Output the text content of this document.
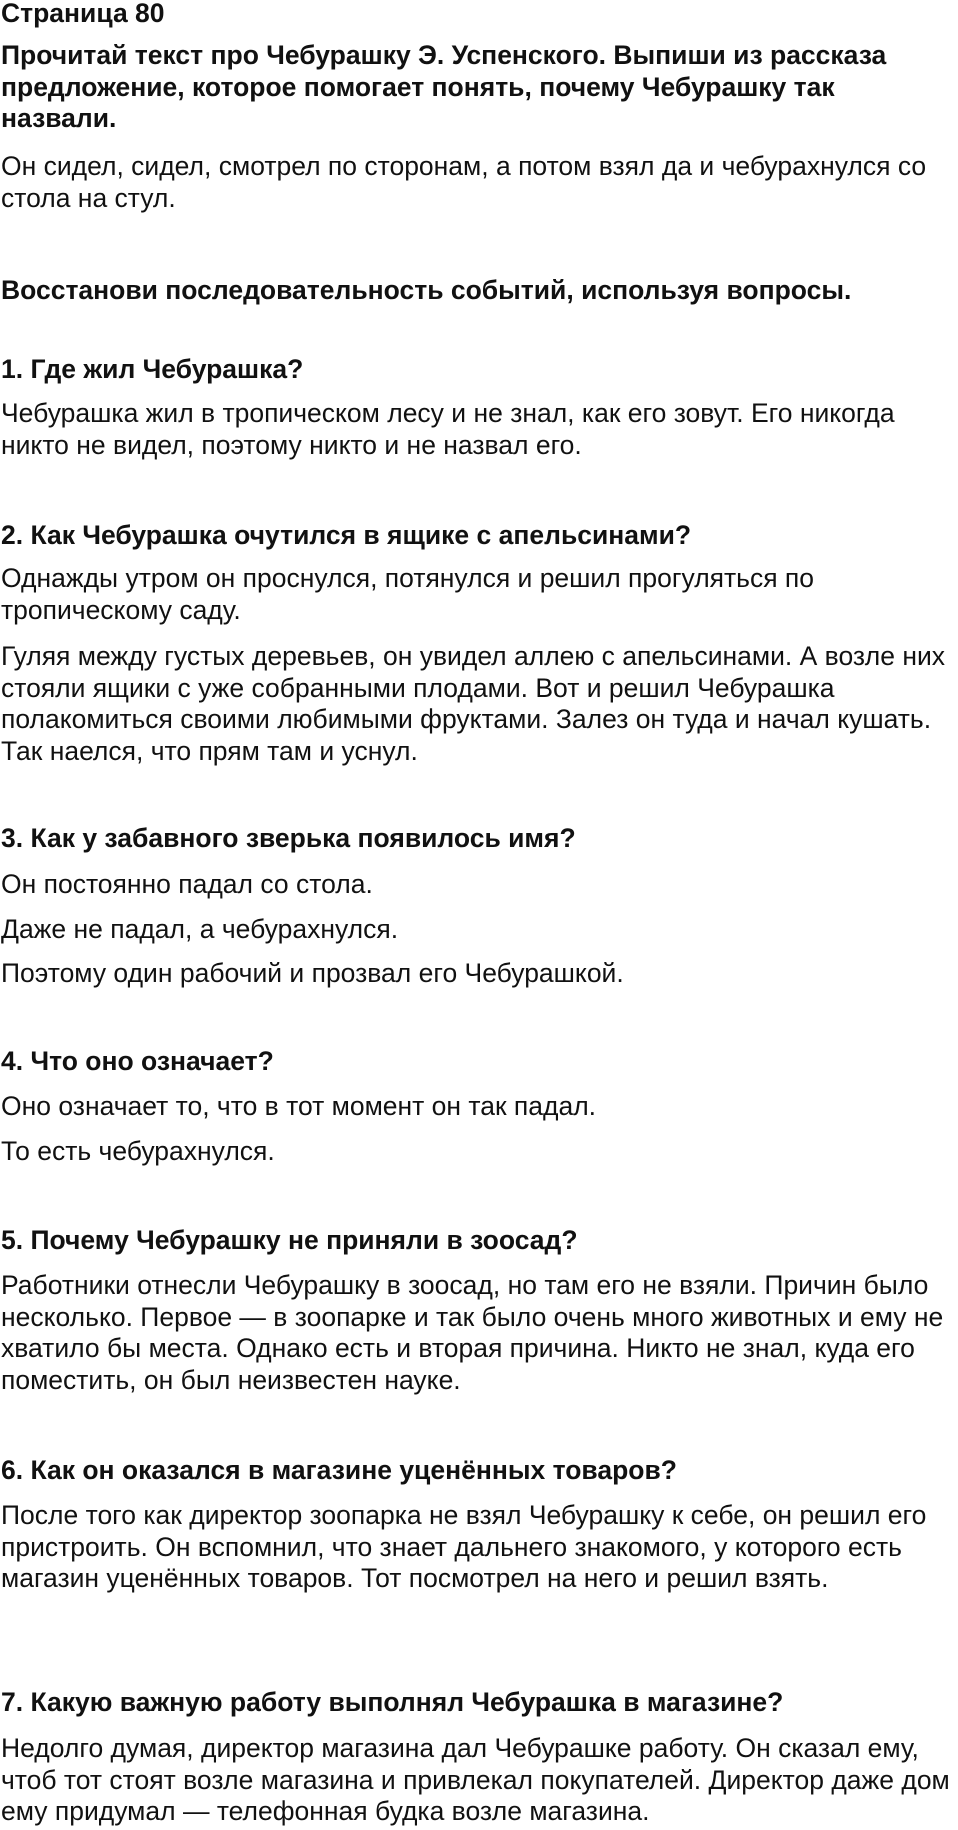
Страница 80

Прочитай текст про Чебурашку Э. Успенского. Выпиши из рассказа предложение, которое помогает понять, почему Чебурашку так назвали.

Он сидел, сидел, смотрел по сторонам, а потом взял да и чебурахнулся со стола на стул.

Восстанови последовательность событий, используя вопросы.

1. Где жил Чебурашка?

Чебурашка жил в тропическом лесу и не знал, как его зовут. Его никогда никто не видел, поэтому никто и не назвал его.

2. Как Чебурашка очутился в ящике с апельсинами?

Однажды утром он проснулся, потянулся и решил прогуляться по тропическому саду.

Гуляя между густых деревьев, он увидел аллею с апельсинами. А возле них стояли ящики с уже собранными плодами. Вот и решил Чебурашка полакомиться своими любимыми фруктами. Залез он туда и начал кушать. Так наелся, что прям там и уснул.

3. Как у забавного зверька появилось имя?

Он постоянно падал со стола.

Даже не падал, а чебурахнулся.

Поэтому один рабочий и прозвал его Чебурашкой.

4. Что оно означает?

Оно означает то, что в тот момент он так падал.

То есть чебурахнулся.

5. Почему Чебурашку не приняли в зоосад?

Работники отнесли Чебурашку в зоосад, но там его не взяли. Причин было несколько. Первое — в зоопарке и так было очень много животных и ему не хватило бы места. Однако есть и вторая причина. Никто не знал, куда его поместить, он был неизвестен науке.

6. Как он оказался в магазине уценённых товаров?

После того как директор зоопарка не взял Чебурашку к себе, он решил его пристроить. Он вспомнил, что знает дальнего знакомого, у которого есть магазин уценённых товаров. Тот посмотрел на него и решил взять.

7. Какую важную работу выполнял Чебурашка в магазине?

Недолго думая, директор магазина дал Чебурашке работу. Он сказал ему, чтоб тот стоят возле магазина и привлекал покупателей. Директор даже дом ему придумал — телефонная будка возле магазина.
